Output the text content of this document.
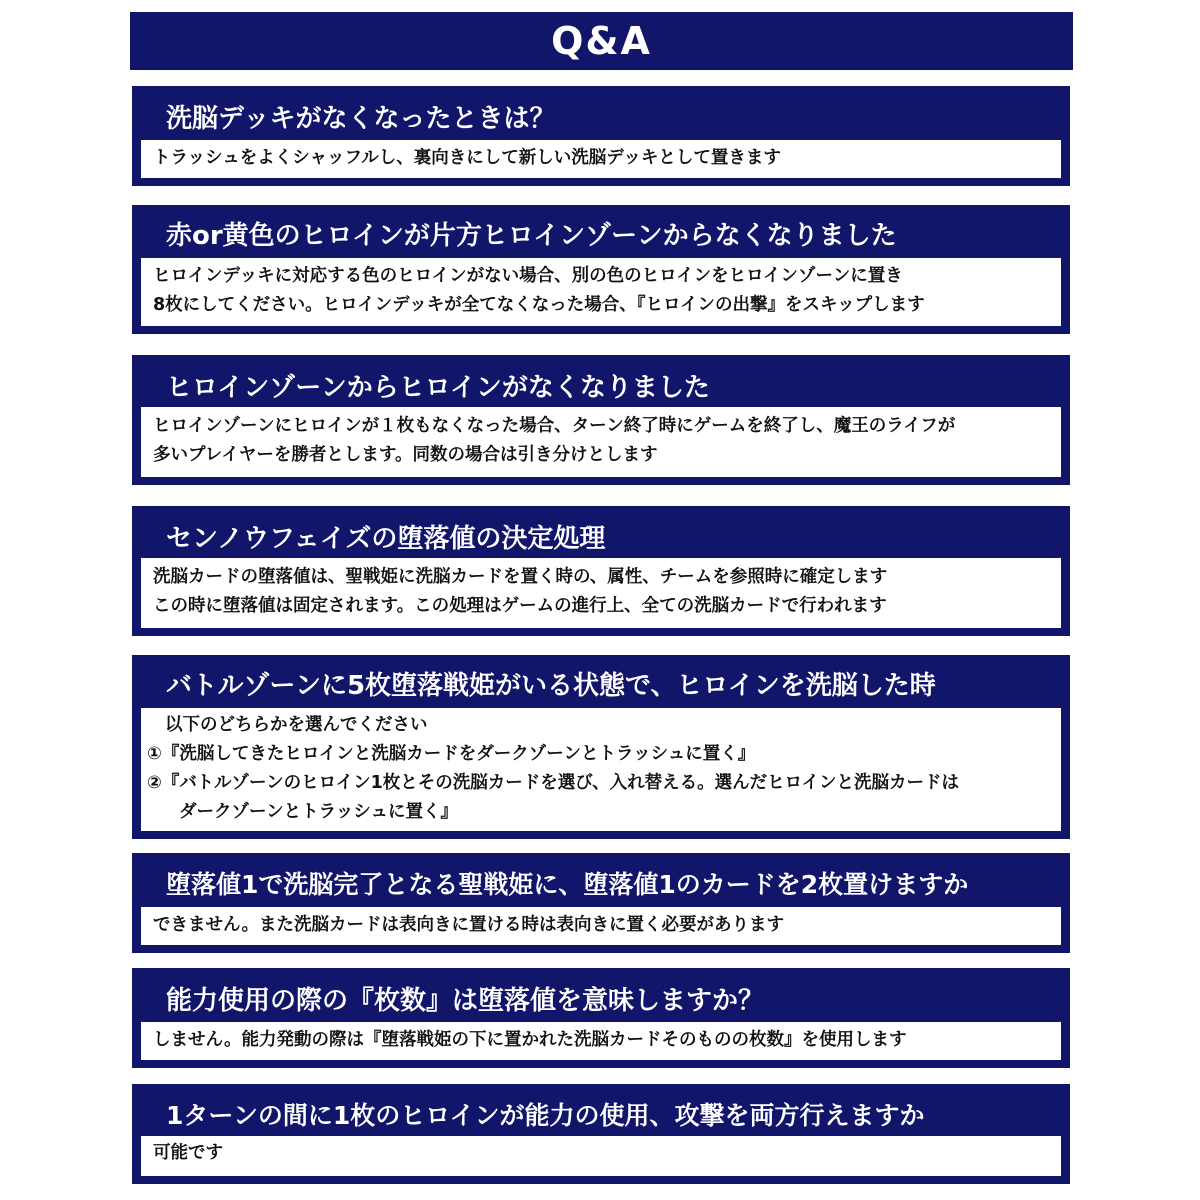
Q&A
洗脳デッキがなくなったときは？
トラッシュをよくシャッフルし、裏向きにして新しい洗脳デッキとして置きます
赤or黄色のヒロインが片方ヒロインゾーンからなくなりました
ヒロインデッキに対応する色のヒロインがない場合、別の色のヒロインをヒロインゾーンに置き
8枚にしてください。ヒロインデッキが全てなくなった場合、『ヒロインの出撃』をスキップします
ヒロインゾーンからヒロインがなくなりました
ヒロインゾーンにヒロインが１枚もなくなった場合、ターン終了時にゲームを終了し、魔王のライフが
多いプレイヤーを勝者とします。同数の場合は引き分けとします
センノウフェイズの堕落値の決定処理
洗脳カードの堕落値は、聖戦姫に洗脳カードを置く時の、属性、チームを参照時に確定します
この時に堕落値は固定されます。この処理はゲームの進行上、全ての洗脳カードで行われます
バトルゾーンに5枚堕落戦姫がいる状態で、ヒロインを洗脳した時
以下のどちらかを選んでください
①『洗脳してきたヒロインと洗脳カードをダークゾーンとトラッシュに置く』
②『バトルゾーンのヒロイン1枚とその洗脳カードを選び、入れ替える。選んだヒロインと洗脳カードは
ダークゾーンとトラッシュに置く』
堕落値1で洗脳完了となる聖戦姫に、堕落値1のカードを2枚置けますか
できません。また洗脳カードは表向きに置ける時は表向きに置く必要があります
能力使用の際の『枚数』は堕落値を意味しますか？
しません。能力発動の際は『堕落戦姫の下に置かれた洗脳カードそのものの枚数』を使用します
1ターンの間に1枚のヒロインが能力の使用、攻撃を両方行えますか
可能です
